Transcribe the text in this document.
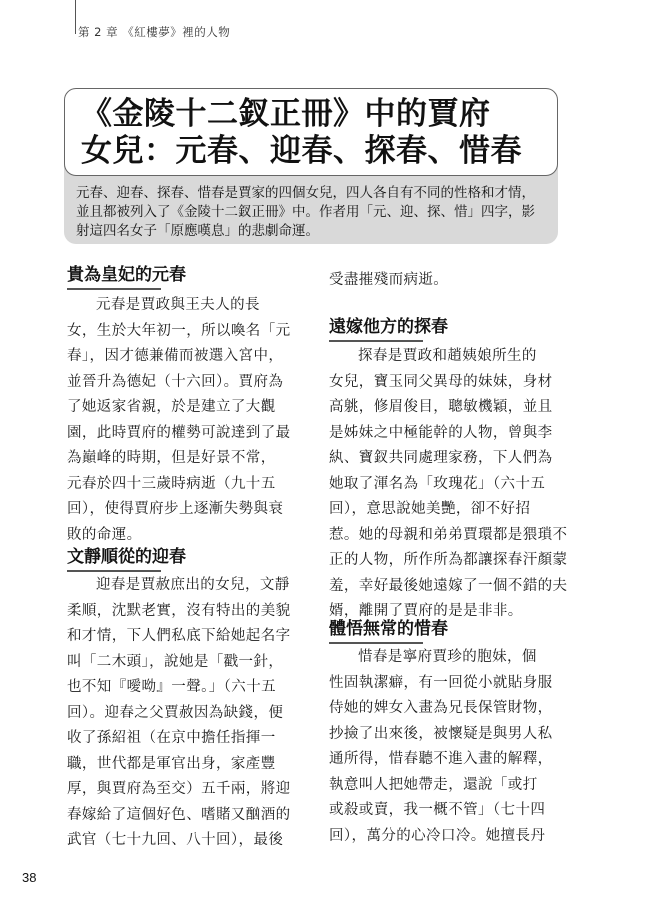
第 2 章 《紅樓夢》裡的人物
《金陵十二釵正冊》中的賈府
女兒：元春、迎春、探春、惜春
元春、迎春、探春、惜春是賈家的四個女兒，四人各自有不同的性格和才情，
並且都被列入了《金陵十二釵正冊》中。作者用「元、迎、探、惜」四字，影
射這四名女子「原應嘆息」的悲劇命運。
貴為皇妃的元春
元春是賈政與王夫人的長
女，生於大年初一，所以喚名「元
春」，因才德兼備而被選入宮中，
並晉升為德妃（十六回）。賈府為
了她返家省親，於是建立了大觀
園，此時賈府的權勢可說達到了最
為巔峰的時期，但是好景不常，
元春於四十三歲時病逝（九十五
回），使得賈府步上逐漸失勢與衰
敗的命運。
文靜順從的迎春
迎春是賈赦庶出的女兒，文靜
柔順，沈默老實，沒有特出的美貌
和才情，下人們私底下給她起名字
叫「二木頭」，說她是「戳一針，
也不知『噯呦』一聲。」（六十五
回）。迎春之父賈赦因為缺錢，便
收了孫紹祖（在京中擔任指揮一
職，世代都是軍官出身，家產豐
厚，與賈府為至交）五千兩，將迎
春嫁給了這個好色、嗜賭又酗酒的
武官（七十九回、八十回），最後
受盡摧殘而病逝。
遠嫁他方的探春
探春是賈政和趙姨娘所生的
女兒，寶玉同父異母的妹妹，身材
高䠷，修眉俊目，聰敏機穎，並且
是姊妹之中極能幹的人物，曾與李
紈、寶釵共同處理家務，下人們為
她取了渾名為「玫瑰花」（六十五
回），意思說她美艷，卻不好招
惹。她的母親和弟弟賈環都是猥瑣不
正的人物，所作所為都讓探春汗顏蒙
羞，幸好最後她遠嫁了一個不錯的夫
婿，離開了賈府的是是非非。
體悟無常的惜春
惜春是寧府賈珍的胞妹，個
性固執潔癖，有一回從小就貼身服
侍她的婢女入畫為兄長保管財物，
抄撿了出來後，被懷疑是與男人私
通所得，惜春聽不進入畫的解釋，
執意叫人把她帶走，還說「或打
或殺或賣，我一概不管」（七十四
回），萬分的心冷口冷。她擅長丹
38
